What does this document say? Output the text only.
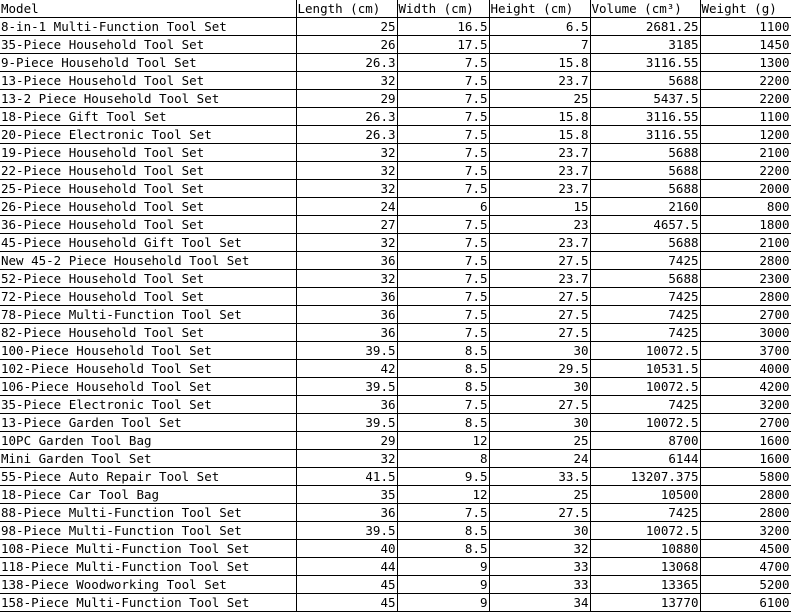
Model	Length (cm)	Width (cm)	Height (cm)	Volume (cm³)	Weight (g)
8-in-1 Multi-Function Tool Set	25	16.5	6.5	2681.25	1100
35-Piece Household Tool Set	26	17.5	7	3185	1450
9-Piece Household Tool Set	26.3	7.5	15.8	3116.55	1300
13-Piece Household Tool Set	32	7.5	23.7	5688	2200
13-2 Piece Household Tool Set	29	7.5	25	5437.5	2200
18-Piece Gift Tool Set	26.3	7.5	15.8	3116.55	1100
20-Piece Electronic Tool Set	26.3	7.5	15.8	3116.55	1200
19-Piece Household Tool Set	32	7.5	23.7	5688	2100
22-Piece Household Tool Set	32	7.5	23.7	5688	2200
25-Piece Household Tool Set	32	7.5	23.7	5688	2000
26-Piece Household Tool Set	24	6	15	2160	800
36-Piece Household Tool Set	27	7.5	23	4657.5	1800
45-Piece Household Gift Tool Set	32	7.5	23.7	5688	2100
New 45-2 Piece Household Tool Set	36	7.5	27.5	7425	2800
52-Piece Household Tool Set	32	7.5	23.7	5688	2300
72-Piece Household Tool Set	36	7.5	27.5	7425	2800
78-Piece Multi-Function Tool Set	36	7.5	27.5	7425	2700
82-Piece Household Tool Set	36	7.5	27.5	7425	3000
100-Piece Household Tool Set	39.5	8.5	30	10072.5	3700
102-Piece Household Tool Set	42	8.5	29.5	10531.5	4000
106-Piece Household Tool Set	39.5	8.5	30	10072.5	4200
35-Piece Electronic Tool Set	36	7.5	27.5	7425	3200
13-Piece Garden Tool Set	39.5	8.5	30	10072.5	2700
10PC Garden Tool Bag	29	12	25	8700	1600
Mini Garden Tool Set	32	8	24	6144	1600
55-Piece Auto Repair Tool Set	41.5	9.5	33.5	13207.375	5800
18-Piece Car Tool Bag	35	12	25	10500	2800
88-Piece Multi-Function Tool Set	36	7.5	27.5	7425	2800
98-Piece Multi-Function Tool Set	39.5	8.5	30	10072.5	3200
108-Piece Multi-Function Tool Set	40	8.5	32	10880	4500
118-Piece Multi-Function Tool Set	44	9	33	13068	4700
138-Piece Woodworking Tool Set	45	9	33	13365	5200
158-Piece Multi-Function Tool Set	45	9	34	13770	6100
